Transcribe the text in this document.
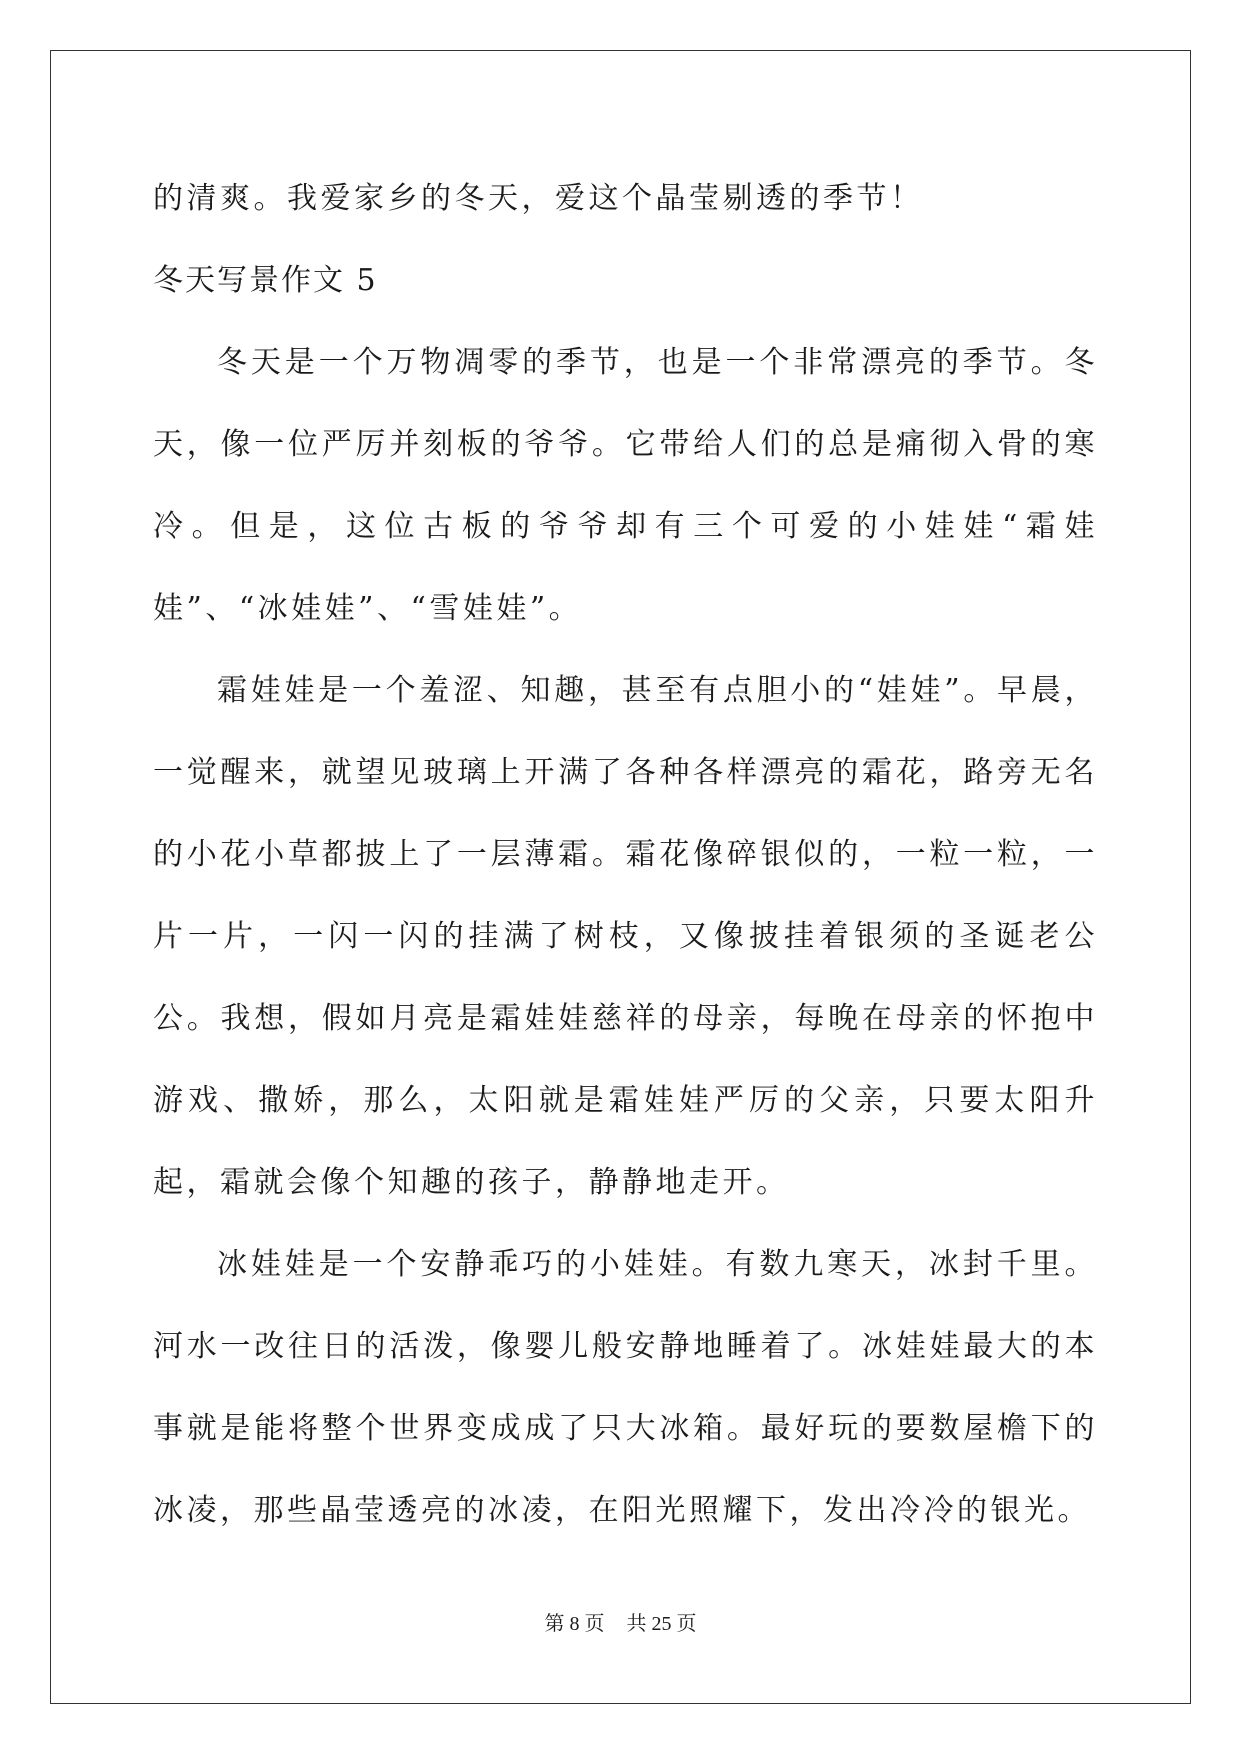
的清爽。我爱家乡的冬天，爱这个晶莹剔透的季节！

冬天写景作文 5

冬天是一个万物凋零的季节，也是一个非常漂亮的季节。冬天，像一位严厉并刻板的爷爷。它带给人们的总是痛彻入骨的寒冷。但是，这位古板的爷爷却有三个可爱的小娃娃“霜娃娃”、“冰娃娃”、“雪娃娃”。

霜娃娃是一个羞涩、知趣，甚至有点胆小的“娃娃”。早晨，一觉醒来，就望见玻璃上开满了各种各样漂亮的霜花，路旁无名的小花小草都披上了一层薄霜。霜花像碎银似的，一粒一粒，一片一片，一闪一闪的挂满了树枝，又像披挂着银须的圣诞老公公。我想，假如月亮是霜娃娃慈祥的母亲，每晚在母亲的怀抱中游戏、撒娇，那么，太阳就是霜娃娃严厉的父亲，只要太阳升起，霜就会像个知趣的孩子，静静地走开。

冰娃娃是一个安静乖巧的小娃娃。有数九寒天，冰封千里。河水一改往日的活泼，像婴儿般安静地睡着了。冰娃娃最大的本事就是能将整个世界变成成了只大冰箱。最好玩的要数屋檐下的冰凌，那些晶莹透亮的冰凌，在阳光照耀下，发出冷冷的银光。

第 8 页 共 25 页
